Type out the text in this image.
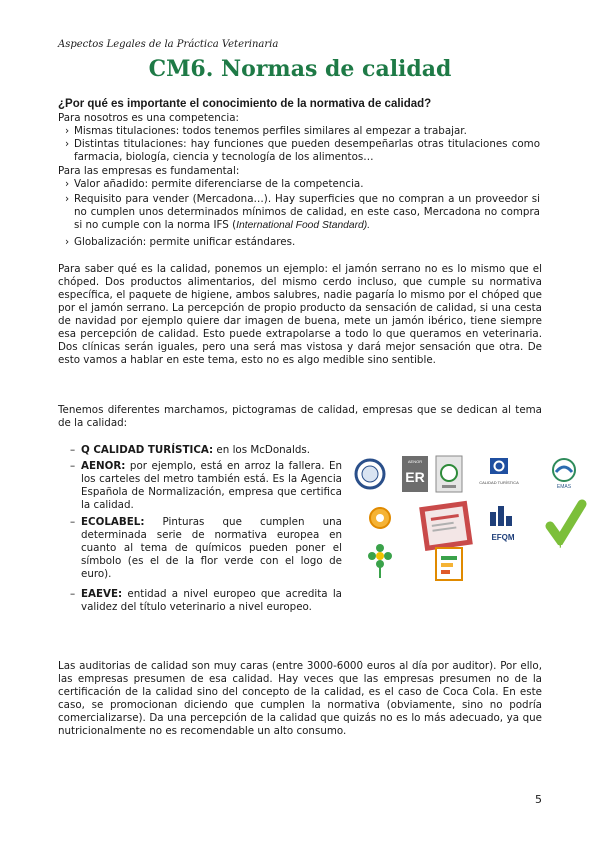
Aspectos Legales de la Práctica Veterinaria
CM6. Normas de calidad
¿Por qué es importante el conocimiento de la normativa de calidad?
Para nosotros es una competencia:
› Mismas titulaciones: todos tenemos perfiles similares al empezar a trabajar.
› Distintas titulaciones: hay funciones que pueden desempeñarlas otras titulaciones como farmacia, biología, ciencia y tecnología de los alimentos…
Para las empresas es fundamental:
› Valor añadido: permite diferenciarse de la competencia.
› Requisito para vender (Mercadona…). Hay superficies que no compran a un proveedor si no cumplen unos determinados mínimos de calidad, en este caso, Mercadona no compra si no cumple con la norma IFS (International Food Standard).
› Globalización: permite unificar estándares.
Para saber qué es la calidad, ponemos un ejemplo: el jamón serrano no es lo mismo que el chóped. Dos productos alimentarios, del mismo cerdo incluso, que cumple su normativa específica, el paquete de higiene, ambos salubres, nadie pagaría lo mismo por el chóped que por el jamón serrano. La percepción de propio producto da sensación de calidad, si una cesta de navidad por ejemplo quiere dar imagen de buena, mete un jamón ibérico, tiene siempre esa percepción de calidad. Esto puede extrapolarse a todo lo que queramos en veterinaria. Dos clínicas serán iguales, pero una será mas vistosa y dará mejor sensación que otra. De esto vamos a hablar en este tema, esto no es algo medible sino sentible.
Tenemos diferentes marchamos, pictogramas de calidad, empresas que se dedican al tema de la calidad:
– Q CALIDAD TURÍSTICA: en los McDonalds.
– AENOR: por ejemplo, está en arroz la fallera. En los carteles del metro también está. Es la Agencia Española de Normalización, empresa que certifica la calidad.
– ECOLABEL: Pinturas que cumplen una determinada serie de normativa europea en cuanto al tema de químicos pueden poner el símbolo (es el de la flor verde con el logo de euro).
– EAEVE: entidad a nivel europeo que acredita la validez del título veterinario a nivel europeo.
AENOR
ER	CALIDAD TURÍSTICA
EMAS
EFQM
BRC
Las auditorias de calidad son muy caras (entre 3000-6000 euros al día por auditor). Por ello, las empresas presumen de esa calidad. Hay veces que las empresas presumen no de la certificación de la calidad sino del concepto de la calidad, es el caso de Coca Cola. En este caso, se promocionan diciendo que cumplen la normativa (obviamente, sino no podría comercializarse). Da una percepción de la calidad que quizás no es lo más adecuado, ya que nutricionalmente no es recomendable un alto consumo.
5
